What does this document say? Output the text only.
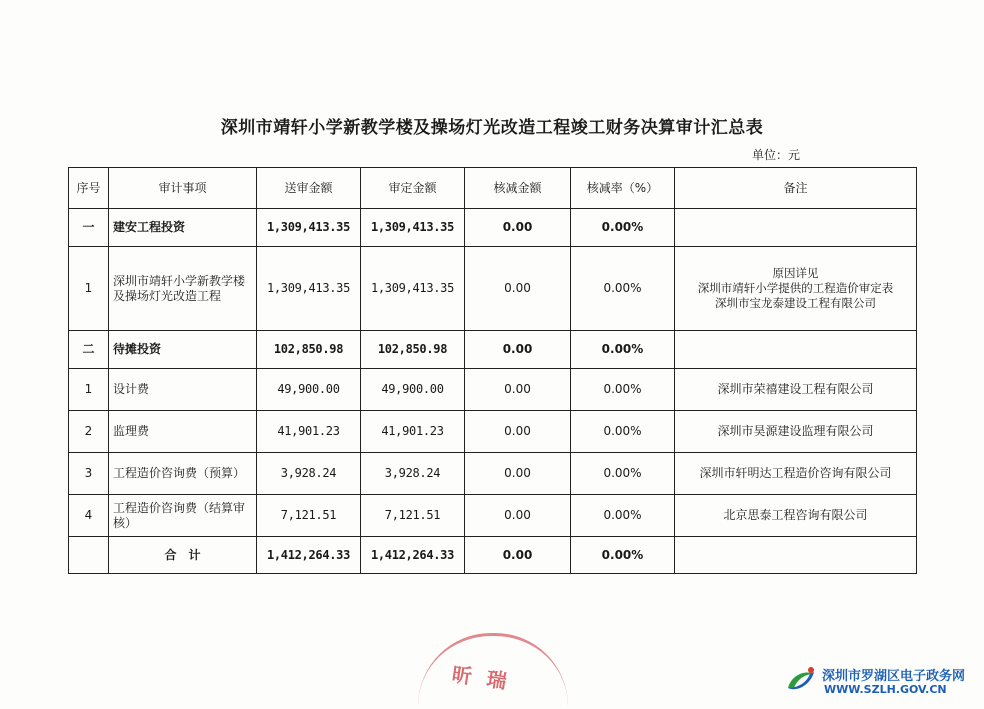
深圳市靖轩小学新教学楼及操场灯光改造工程竣工财务决算审计汇总表
单位：元
序号	审计事项	送审金额	审定金额	核减金额	核减率（%）	备注
一	建安工程投资	1,309,413.35	1,309,413.35	0.00	0.00%	
1	深圳市靖轩小学新教学楼及操场灯光改造工程	1,309,413.35	1,309,413.35	0.00	0.00%	原因详见
深圳市靖轩小学提供的工程造价审定表
深圳市宝龙泰建设工程有限公司
二	待摊投资	102,850.98	102,850.98	0.00	0.00%	
1	设计费	49,900.00	49,900.00	0.00	0.00%	深圳市荣禧建设工程有限公司
2	监理费	41,901.23	41,901.23	0.00	0.00%	深圳市昊源建设监理有限公司
3	工程造价咨询费（预算）	3,928.24	3,928.24	0.00	0.00%	深圳市轩明达工程造价咨询有限公司
4	工程造价咨询费（结算审核）	7,121.51	7,121.51	0.00	0.00%	北京思泰工程咨询有限公司
	合　计	1,412,264.33	1,412,264.33	0.00	0.00%	
昕 瑞	深圳市罗湖区电子政务网
WWW.SZLH.GOV.CN
